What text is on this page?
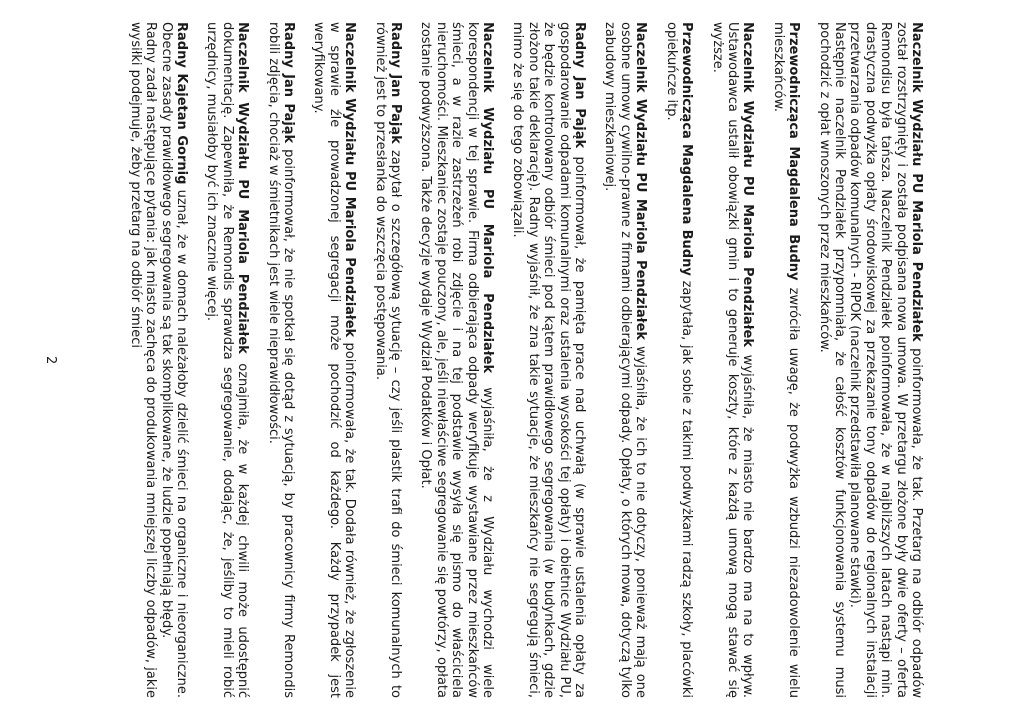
Naczelnik Wydziału PU Mariola Pendziałek poinformowała, że tak. Przetarg na odbiór odpadów został rozstrzygnięty i została podpisana nowa umowa. W przetargu złożone były dwie oferty – oferta Remondisu była tańsza. Naczelnik Pendziałek poinformowała, że w najbliższych latach nastąpi min. drastyczna podwyżka opłaty środowiskowej za przekazanie tony odpadów do regionalnych instalacji przetwarzania odpadów komunalnych - RIPOK (naczelnik przedstawiła planowane stawki).
Następnie naczelnik Pendziałek przypomniała, że całość kosztów funkcjonowania systemu musi pochodzić z opłat wnoszonych przez mieszkańców.

Przewodnicząca Magdalena Budny zwróciła uwagę, że podwyżka wzbudzi niezadowolenie wielu mieszkańców.

Naczelnik Wydziału PU Mariola Pendziałek wyjaśniła, że miasto nie bardzo ma na to wpływ. Ustawodawca ustalił obowiązki gmin i to generuje koszty, które z każdą umową mogą stawać się wyższe.

Przewodnicząca Magdalena Budny zapytała, jak sobie z takimi podwyżkami radzą szkoły, placówki opiekuńcze itp.

Naczelnik Wydziału PU Mariola Pendziałek wyjaśniła, że ich to nie dotyczy, ponieważ mają one osobne umowy cywilno-prawne z firmami odbierającymi odpady. Opłaty, o których mowa, dotyczą tylko zabudowy mieszkaniowej.

Radny Jan Pająk poinformował, że pamięta prace nad uchwałą (w sprawie ustalenia opłaty za gospodarowanie odpadami komunalnymi oraz ustalenia wysokości tej opłaty) i obietnice Wydziału PU, że będzie kontrolowany odbiór śmieci pod kątem prawidłowego segregowania (w budynkach, gdzie złożono takie deklarację). Radny wyjaśnił, że zna takie sytuacje, że mieszkańcy nie segregują śmieci, mimo że się do tego zobowiązali.

Naczelnik Wydziału PU Mariola Pendziałek wyjaśniła, że z Wydziału wychodzi wiele korespondencji w tej sprawie. Firma odbierająca odpady weryfikuje wystawiane przez mieszkańców śmieci, a w razie zastrzeżeń robi zdjęcie i na tej podstawie wysyła się pismo do właściciela nieruchomości. Mieszkaniec zostaje pouczony, ale, jeśli niewłaściwe segregowanie się powtórzy, opłata zostanie podwyższona. Także decyzje wydaje Wydział Podatków i Opłat.

Radny Jan Pająk zapytał o szczegółową sytuację – czy jeśli plastik trafi do śmieci komunalnych to również jest to przesłanka do wszczęcia postępowania.

Naczelnik Wydziału PU Mariola Pendziałek poinformowała, że tak. Dodała również, że zgłoszenie w sprawie źle prowadzonej segregacji może pochodzić od każdego. Każdy przypadek jest weryfikowany.

Radny Jan Pająk poinformował, że nie spotkał się dotąd z sytuacją, by pracownicy firmy Remondis robili zdjęcia, chociaż w śmietnikach jest wiele nieprawidłowości.

Naczelnik Wydziału PU Mariola Pendziałek oznajmiła, że w każdej chwili może udostępnić dokumentację. Zapewniła, że Remondis sprawdza segregowanie, dodając, że, jeśliby to mieli robić urzędnicy, musiałoby być ich znacznie więcej.

Radny Kajetan Gornig uznał, że w domach należałoby dzielić śmieci na organiczne i nieorganiczne. Obecne zasady prawidłowego segregowania są tak skomplikowane, że ludzie popełniają błędy.
Radny zadał następujące pytania: jak miasto zachęca do produkowania mniejszej liczby odpadów, jakie wysiłki podejmuje, żeby przetarg na odbiór śmieci

2
